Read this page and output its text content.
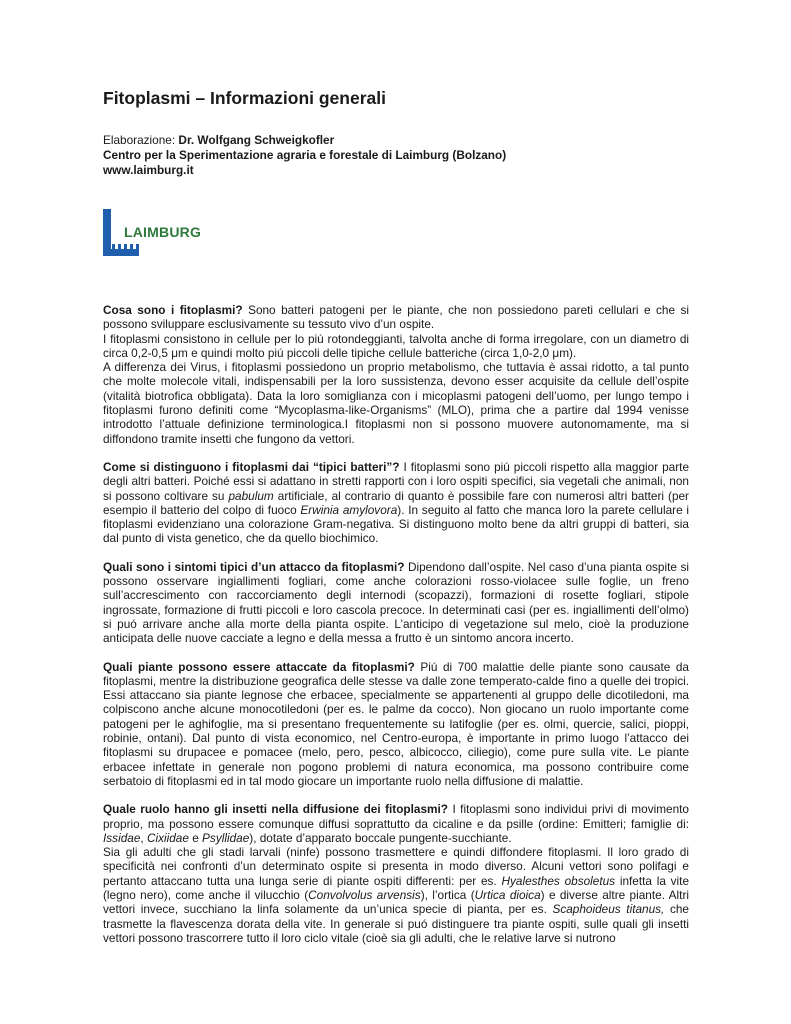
Fitoplasmi – Informazioni generali
Elaborazione: Dr. Wolfgang Schweigkofler
Centro per la Sperimentazione agraria e forestale di Laimburg (Bolzano)
www.laimburg.it
LAIMBURG

Cosa sono i fitoplasmi? Sono batteri patogeni per le piante, che non possiedono pareti cellulari e che si possono sviluppare esclusivamente su tessuto vivo d’un ospite.
I fitoplasmi consistono in cellule per lo piú rotondeggianti, talvolta anche di forma irregolare, con un diametro di circa 0,2-0,5 μm e quindi molto piú piccoli delle tipiche cellule batteriche (circa 1,0-2,0 μm).
A differenza dei Virus, i fitoplasmi possiedono un proprio metabolismo, che tuttavia è assai ridotto, a tal punto che molte molecole vitali, indispensabili per la loro sussistenza, devono esser acquisite da cellule dell’ospite (vitalità biotrofica obbligata). Data la loro somiglianza con i micoplasmi patogeni dell’uomo, per lungo tempo i fitoplasmi furono definiti come “Mycoplasma-like-Organisms” (MLO), prima che a partire dal 1994 venisse introdotto l’attuale definizione terminologica.I fitoplasmi non si possono muovere autonomamente, ma si diffondono tramite insetti che fungono da vettori.

Come si distinguono i fitoplasmi dai “tipici batteri”? I fitoplasmi sono piú piccoli rispetto alla maggior parte degli altri batteri. Poiché essi si adattano in stretti rapporti con i loro ospiti specifici, sia vegetali che animali, non si possono coltivare su pabulum artificiale, al contrario di quanto è possibile fare con numerosi altri batteri (per esempio il batterio del colpo di fuoco Erwinia amylovora). In seguito al fatto che manca loro la parete cellulare i fitoplasmi evidenziano una colorazione Gram-negativa. Si distinguono molto bene da altri gruppi di batteri, sia dal punto di vista genetico, che da quello biochimico.

Quali sono i sintomi tipici d’un attacco da fitoplasmi? Dipendono dall’ospite. Nel caso d’una pianta ospite si possono osservare ingiallimenti fogliari, come anche colorazioni rosso-violacee sulle foglie, un freno sull’accrescimento con raccorciamento degli internodi (scopazzi), formazioni di rosette fogliari, stipole ingrossate, formazione di frutti piccoli e loro cascola precoce. In determinati casi (per es. ingiallimenti dell’olmo) si puó arrivare anche alla morte della pianta ospite. L’anticipo di vegetazione sul melo, cioè la produzione anticipata delle nuove cacciate a legno e della messa a frutto è un sintomo ancora incerto.

Quali piante possono essere attaccate da fitoplasmi? Piú di 700 malattie delle piante sono causate da fitoplasmi, mentre la distribuzione geografica delle stesse va dalle zone temperato-calde fino a quelle dei tropici. Essi attaccano sia piante legnose che erbacee, specialmente se appartenenti al gruppo delle dicotiledoni, ma colpiscono anche alcune monocotiledoni (per es. le palme da cocco). Non giocano un ruolo importante come patogeni per le aghifoglie, ma si presentano frequentemente su latifoglie (per es. olmi, quercie, salici, pioppi, robinie, ontani). Dal punto di vista economico, nel Centro-europa, è importante in primo luogo l’attacco dei fitoplasmi su drupacee e pomacee (melo, pero, pesco, albicocco, ciliegio), come pure sulla vite. Le piante erbacee infettate in generale non pogono problemi di natura economica, ma possono contribuire come serbatoio di fitoplasmi ed in tal modo giocare un importante ruolo nella diffusione di malattie.

Quale ruolo hanno gli insetti nella diffusione dei fitoplasmi? I fitoplasmi sono individui privi di movimento proprio, ma possono essere comunque diffusi soprattutto da cicaline e da psille (ordine: Emitteri; famiglie di: Issidae, Cixiidae e Psyllidae), dotate d’apparato boccale pungente-succhiante.
Sia gli adulti che gli stadi larvali (ninfe) possono trasmettere e quindi diffondere fitoplasmi. Il loro grado di specificità nei confronti d’un determinato ospite si presenta in modo diverso. Alcuni vettori sono polifagi e pertanto attaccano tutta una lunga serie di piante ospiti differenti: per es. Hyalesthes obsoletus infetta la vite (legno nero), come anche il vilucchio (Convolvolus arvensis), l’ortica (Urtica dioica) e diverse altre piante. Altri vettori invece, succhiano la linfa solamente da un’unica specie di pianta, per es. Scaphoideus titanus, che trasmette la flavescenza dorata della vite. In generale si puó distinguere tra piante ospiti, sulle quali gli insetti vettori possono trascorrere tutto il loro ciclo vitale (cioè sia gli adulti, che le relative larve si nutrono
